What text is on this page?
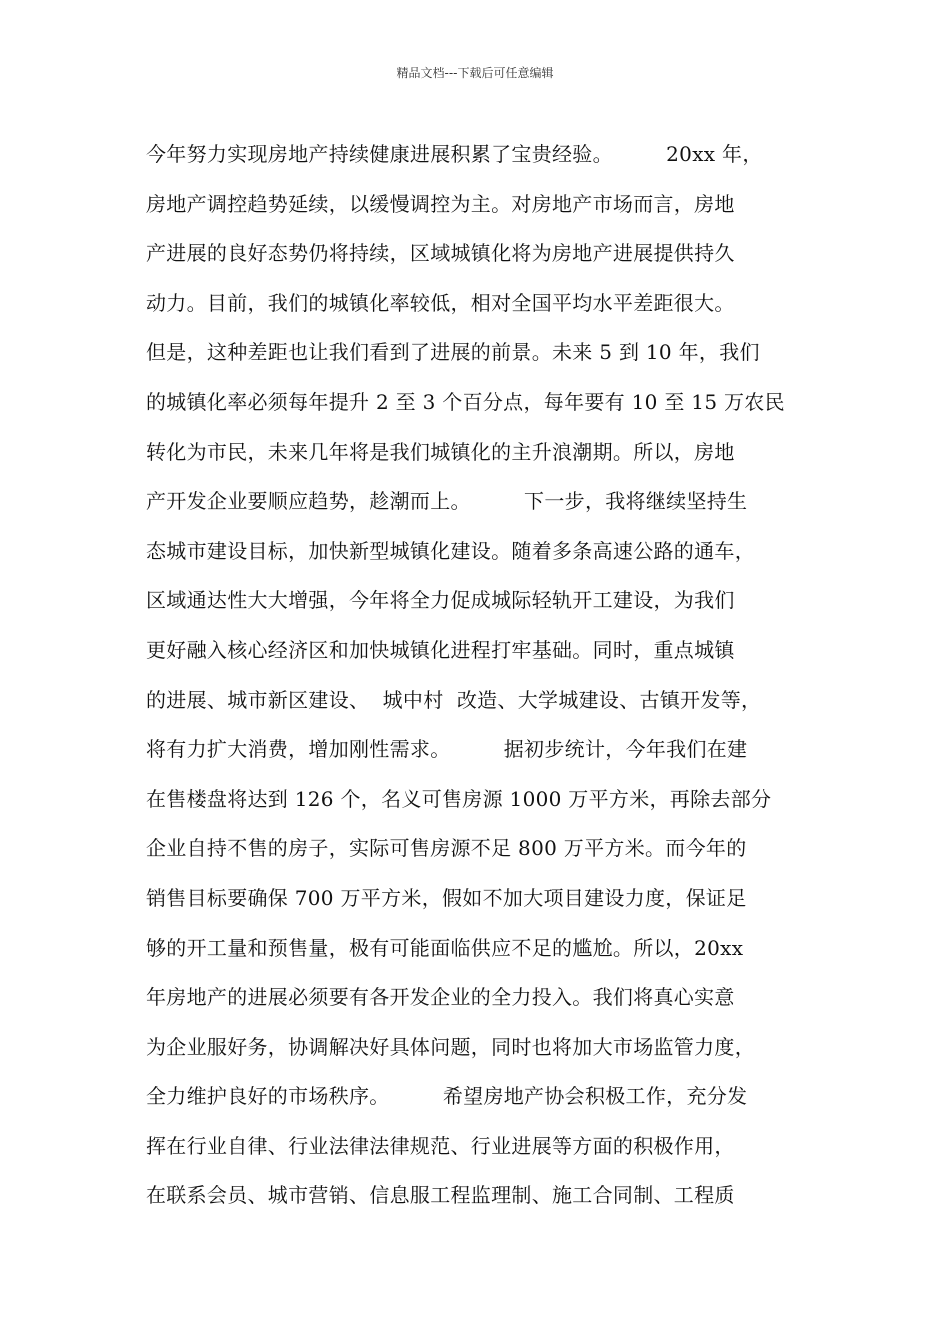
精品文档---下载后可任意编辑
今年努力实现房地产持续健康进展积累了宝贵经验。        20xx 年，
房地产调控趋势延续，以缓慢调控为主。对房地产市场而言，房地
产进展的良好态势仍将持续，区域城镇化将为房地产进展提供持久
动力。目前，我们的城镇化率较低，相对全国平均水平差距很大。
但是，这种差距也让我们看到了进展的前景。未来 5 到 10 年，我们
的城镇化率必须每年提升 2 至 3 个百分点，每年要有 10 至 15 万农民
转化为市民，未来几年将是我们城镇化的主升浪潮期。所以，房地
产开发企业要顺应趋势，趁潮而上。        下一步，我将继续坚持生
态城市建设目标，加快新型城镇化建设。随着多条高速公路的通车，
区域通达性大大增强，今年将全力促成城际轻轨开工建设，为我们
更好融入核心经济区和加快城镇化进程打牢基础。同时，重点城镇
的进展、城市新区建设、  城中村  改造、大学城建设、古镇开发等，
将有力扩大消费，增加刚性需求。        据初步统计，今年我们在建
在售楼盘将达到 126 个，名义可售房源 1000 万平方米，再除去部分
企业自持不售的房子，实际可售房源不足 800 万平方米。而今年的
销售目标要确保 700 万平方米，假如不加大项目建设力度，保证足
够的开工量和预售量，极有可能面临供应不足的尴尬。所以，20xx
年房地产的进展必须要有各开发企业的全力投入。我们将真心实意
为企业服好务，协调解决好具体问题，同时也将加大市场监管力度，
全力维护良好的市场秩序。        希望房地产协会积极工作，充分发
挥在行业自律、行业法律法律规范、行业进展等方面的积极作用，
在联系会员、城市营销、信息服工程监理制、施工合同制、工程质
